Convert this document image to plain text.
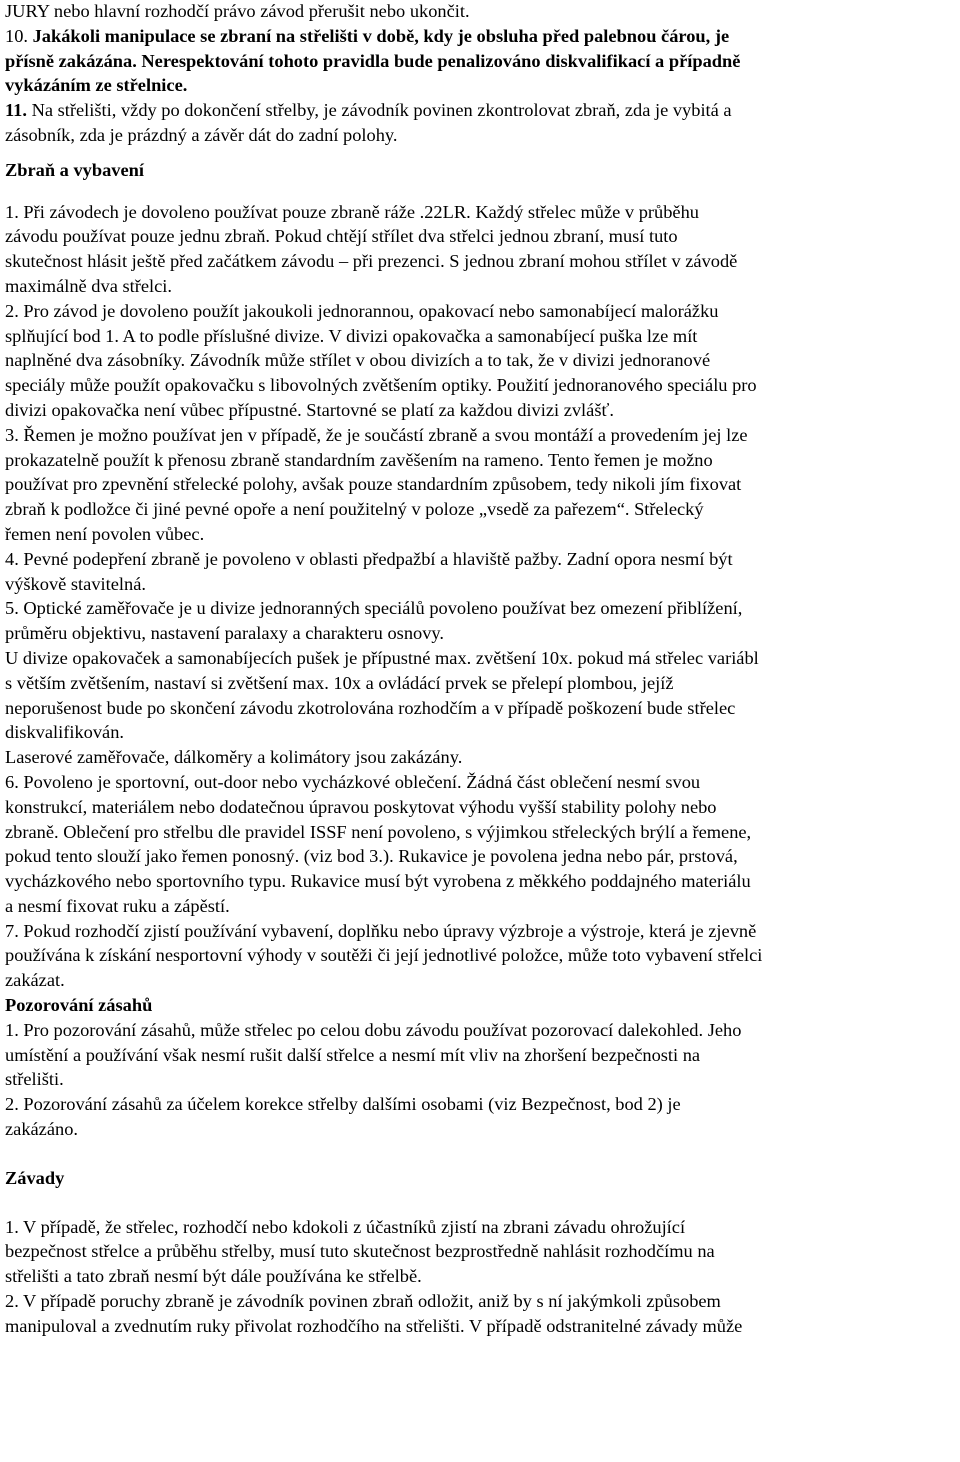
JURY nebo hlavní rozhodčí právo závod přerušit nebo ukončit.
10. Jakákoli manipulace se zbraní na střelišti v době, kdy je obsluha před palebnou čárou, je
přísně zakázána. Nerespektování tohoto pravidla bude penalizováno diskvalifikací a případně
vykázáním ze střelnice.
11. Na střelišti, vždy po dokončení střelby, je závodník povinen zkontrolovat zbraň, zda je vybitá a
zásobník, zda je prázdný a závěr dát do zadní polohy.
Zbraň a vybavení
1. Při závodech je dovoleno používat pouze zbraně ráže .22LR. Každý střelec může v průběhu
závodu používat pouze jednu zbraň. Pokud chtějí střílet dva střelci jednou zbraní, musí tuto
skutečnost hlásit ještě před začátkem závodu – při prezenci. S jednou zbraní mohou střílet v závodě
maximálně dva střelci.
2. Pro závod je dovoleno použít jakoukoli jednorannou, opakovací nebo samonabíjecí malorážku
splňující bod 1. A to podle příslušné divize. V divizi opakovačka a samonabíjecí puška lze mít
naplněné dva zásobníky. Závodník může střílet v obou divizích a to tak, že v divizi jednoranové
speciály může použít opakovačku s libovolných zvětšením optiky. Použití jednoranového speciálu pro
divizi opakovačka není vůbec přípustné. Startovné se platí za každou divizi zvlášť.
3. Řemen je možno používat jen v případě, že je součástí zbraně a svou montáží a provedením jej lze
prokazatelně použít k přenosu zbraně standardním zavěšením na rameno. Tento řemen je možno
používat pro zpevnění střelecké polohy, avšak pouze standardním způsobem, tedy nikoli jím fixovat
zbraň k podložce či jiné pevné opoře a není použitelný v poloze „vsedě za pařezem“. Střelecký
řemen není povolen vůbec.
4. Pevné podepření zbraně je povoleno v oblasti předpažbí a hlaviště pažby. Zadní opora nesmí být
výškově stavitelná.
5. Optické zaměřovače je u divize jednoranných speciálů povoleno používat bez omezení přiblížení,
průměru objektivu, nastavení paralaxy a charakteru osnovy.
U divize opakovaček a samonabíjecích pušek je přípustné max. zvětšení 10x. pokud má střelec variábl
s větším zvětšením, nastaví si zvětšení max. 10x a ovládácí prvek se přelepí plombou, jejíž
neporušenost bude po skončení závodu zkotrolována rozhodčím a v případě poškození bude střelec
diskvalifikován.
Laserové zaměřovače, dálkoměry a kolimátory jsou zakázány.
6. Povoleno je sportovní, out-door nebo vycházkové oblečení. Žádná část oblečení nesmí svou
konstrukcí, materiálem nebo dodatečnou úpravou poskytovat výhodu vyšší stability polohy nebo
zbraně. Oblečení pro střelbu dle pravidel ISSF není povoleno, s výjimkou střeleckých brýlí a řemene,
pokud tento slouží jako řemen ponosný. (viz bod 3.). Rukavice je povolena jedna nebo pár, prstová,
vycházkového nebo sportovního typu. Rukavice musí být vyrobena z měkkého poddajného materiálu
a nesmí fixovat ruku a zápěstí.
7. Pokud rozhodčí zjistí používání vybavení, doplňku nebo úpravy výzbroje a výstroje, která je zjevně
používána k získání nesportovní výhody v soutěži či její jednotlivé položce, může toto vybavení střelci
zakázat.
Pozorování zásahů
1. Pro pozorování zásahů, může střelec po celou dobu závodu používat pozorovací dalekohled. Jeho
umístění a používání však nesmí rušit další střelce a nesmí mít vliv na zhoršení bezpečnosti na
střelišti.
2. Pozorování zásahů za účelem korekce střelby dalšími osobami (viz Bezpečnost, bod 2) je
zakázáno.
Závady
1. V případě, že střelec, rozhodčí nebo kdokoli z účastníků zjistí na zbrani závadu ohrožující
bezpečnost střelce a průběhu střelby, musí tuto skutečnost bezprostředně nahlásit rozhodčímu na
střelišti a tato zbraň nesmí být dále používána ke střelbě.
2. V případě poruchy zbraně je závodník povinen zbraň odložit, aniž by s ní jakýmkoli způsobem
manipuloval a zvednutím ruky přivolat rozhodčího na střelišti. V případě odstranitelné závady může
